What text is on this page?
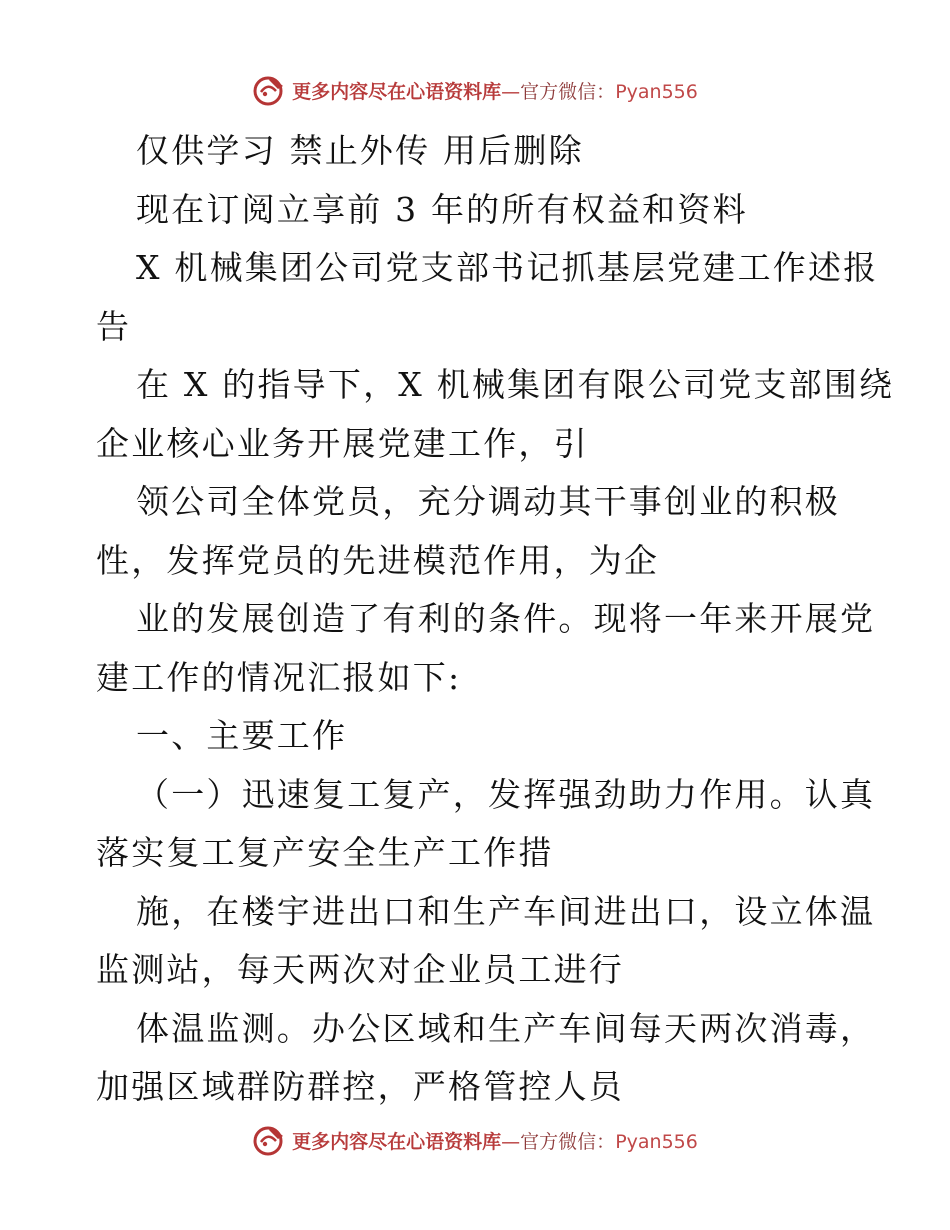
更多内容尽在心语资料库—官方微信：Pyan556
仅供学习 禁止外传 用后删除
现在订阅立享前 3 年的所有权益和资料
X 机械集团公司党支部书记抓基层党建工作述报
告
在 X 的指导下，X 机械集团有限公司党支部围绕
企业核心业务开展党建工作，引
领公司全体党员，充分调动其干事创业的积极
性，发挥党员的先进模范作用，为企
业的发展创造了有利的条件。现将一年来开展党
建工作的情况汇报如下:
一、主要工作
（一）迅速复工复产，发挥强劲助力作用。认真
落实复工复产安全生产工作措
施，在楼宇进出口和生产车间进出口，设立体温
监测站，每天两次对企业员工进行
体温监测。办公区域和生产车间每天两次消毒，
加强区域群防群控，严格管控人员
更多内容尽在心语资料库—官方微信：Pyan556
